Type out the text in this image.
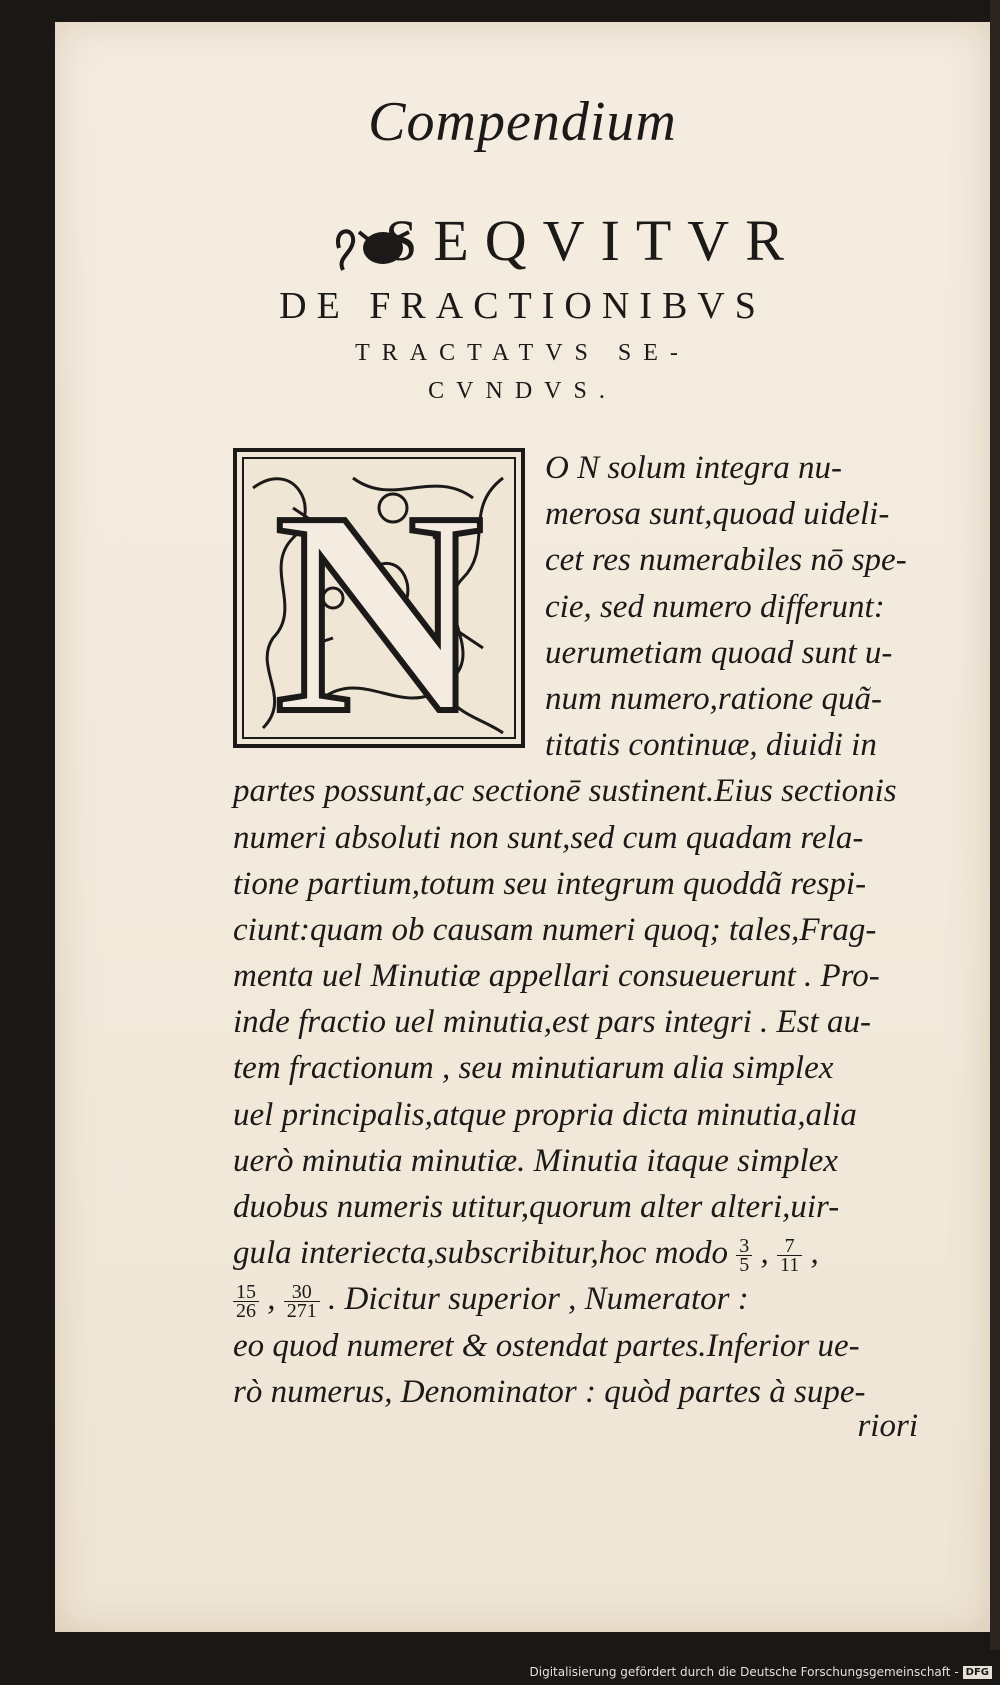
Compendium
SEQVITVR
DE FRACTIONIBVS
TRACTATVS SE-
CVNDVS.
N	O N solum integra nu-
merosa sunt,quoad uideli-
cet res numerabiles nō spe-
cie, sed numero differunt:
uerumetiam quoad sunt u-
num numero,ratione quã-
titatis continuæ, diuidi in
partes possunt,ac sectionē sustinent.Eius sectionis
numeri absoluti non sunt,sed cum quadam rela-
tione partium,totum seu integrum quoddã respi-
ciunt:quam ob causam numeri quoq; tales,Frag-
menta uel Minutiæ appellari consueuerunt . Pro-
inde fractio uel minutia,est pars integri . Est au-
tem fractionum , seu minutiarum alia simplex
uel principalis,atque propria dicta minutia,alia
uerò minutia minutiæ. Minutia itaque simplex
duobus numeris utitur,quorum alter alteri,uir-
gula interiecta,subscribitur,hoc modo $\frac{3}{5}$ , $\frac{7}{11}$ ,
$\frac{15}{26}$ , $\frac{30}{271}$ . Dicitur superior , Numerator :
eo quod numeret & ostendat partes.Inferior ue-
rò numerus, Denominator : quòd partes à supe-
riori
Digitalisierung gefördert durch die Deutsche Forschungsgemeinschaft - DFG
